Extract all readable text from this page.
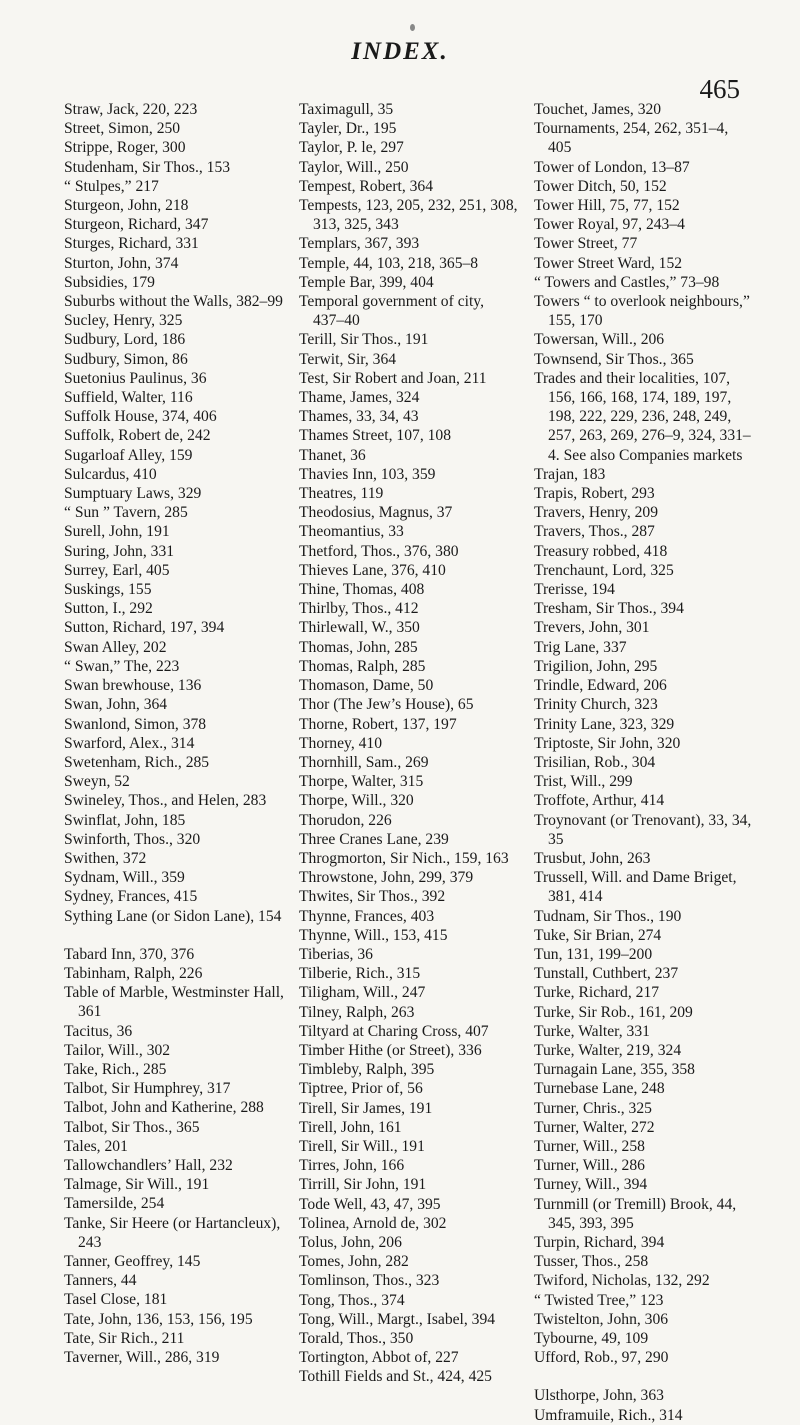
INDEX.
465
Straw, Jack, 220, 223
Street, Simon, 250
Strippe, Roger, 300
Studenham, Sir Thos., 153
“ Stulpes,” 217
Sturgeon, John, 218
Sturgeon, Richard, 347
Sturges, Richard, 331
Sturton, John, 374
Subsidies, 179
Suburbs without the Walls, 382–99
Sucley, Henry, 325
Sudbury, Lord, 186
Sudbury, Simon, 86
Suetonius Paulinus, 36
Suffield, Walter, 116
Suffolk House, 374, 406
Suffolk, Robert de, 242
Sugarloaf Alley, 159
Sulcardus, 410
Sumptuary Laws, 329
“ Sun ” Tavern, 285
Surell, John, 191
Suring, John, 331
Surrey, Earl, 405
Suskings, 155
Sutton, I., 292
Sutton, Richard, 197, 394
Swan Alley, 202
“ Swan,” The, 223
Swan brewhouse, 136
Swan, John, 364
Swanlond, Simon, 378
Swarford, Alex., 314
Swetenham, Rich., 285
Sweyn, 52
Swineley, Thos., and Helen, 283
Swinflat, John, 185
Swinforth, Thos., 320
Swithen, 372
Sydnam, Will., 359
Sydney, Frances, 415
Sything Lane (or Sidon Lane), 154
Tabard Inn, 370, 376
Tabinham, Ralph, 226
Table of Marble, Westminster Hall, 361
Tacitus, 36
Tailor, Will., 302
Take, Rich., 285
Talbot, Sir Humphrey, 317
Talbot, John and Katherine, 288
Talbot, Sir Thos., 365
Tales, 201
Tallowchandlers’ Hall, 232
Talmage, Sir Will., 191
Tamersilde, 254
Tanke, Sir Heere (or Hartancleux), 243
Tanner, Geoffrey, 145
Tanners, 44
Tasel Close, 181
Tate, John, 136, 153, 156, 195
Tate, Sir Rich., 211
Taverner, Will., 286, 319
Taximagull, 35
Tayler, Dr., 195
Taylor, P. le, 297
Taylor, Will., 250
Tempest, Robert, 364
Tempests, 123, 205, 232, 251, 308, 313, 325, 343
Templars, 367, 393
Temple, 44, 103, 218, 365–8
Temple Bar, 399, 404
Temporal government of city, 437–40
Terill, Sir Thos., 191
Terwit, Sir, 364
Test, Sir Robert and Joan, 211
Thame, James, 324
Thames, 33, 34, 43
Thames Street, 107, 108
Thanet, 36
Thavies Inn, 103, 359
Theatres, 119
Theodosius, Magnus, 37
Theomantius, 33
Thetford, Thos., 376, 380
Thieves Lane, 376, 410
Thine, Thomas, 408
Thirlby, Thos., 412
Thirlewall, W., 350
Thomas, John, 285
Thomas, Ralph, 285
Thomason, Dame, 50
Thor (The Jew’s House), 65
Thorne, Robert, 137, 197
Thorney, 410
Thornhill, Sam., 269
Thorpe, Walter, 315
Thorpe, Will., 320
Thorudon, 226
Three Cranes Lane, 239
Throgmorton, Sir Nich., 159, 163
Throwstone, John, 299, 379
Thwites, Sir Thos., 392
Thynne, Frances, 403
Thynne, Will., 153, 415
Tiberias, 36
Tilberie, Rich., 315
Tiligham, Will., 247
Tilney, Ralph, 263
Tiltyard at Charing Cross, 407
Timber Hithe (or Street), 336
Timbleby, Ralph, 395
Tiptree, Prior of, 56
Tirell, Sir James, 191
Tirell, John, 161
Tirell, Sir Will., 191
Tirres, John, 166
Tirrill, Sir John, 191
Tode Well, 43, 47, 395
Tolinea, Arnold de, 302
Tolus, John, 206
Tomes, John, 282
Tomlinson, Thos., 323
Tong, Thos., 374
Tong, Will., Margt., Isabel, 394
Torald, Thos., 350
Tortington, Abbot of, 227
Tothill Fields and St., 424, 425
Touchet, James, 320
Tournaments, 254, 262, 351–4, 405
Tower of London, 13–87
Tower Ditch, 50, 152
Tower Hill, 75, 77, 152
Tower Royal, 97, 243–4
Tower Street, 77
Tower Street Ward, 152
“ Towers and Castles,” 73–98
Towers “ to overlook neighbours,” 155, 170
Towersan, Will., 206
Townsend, Sir Thos., 365
Trades and their localities, 107, 156, 166, 168, 174, 189, 197, 198, 222, 229, 236, 248, 249, 257, 263, 269, 276–9, 324, 331–4. See also Companies markets
Trajan, 183
Trapis, Robert, 293
Travers, Henry, 209
Travers, Thos., 287
Treasury robbed, 418
Trenchaunt, Lord, 325
Trerisse, 194
Tresham, Sir Thos., 394
Trevers, John, 301
Trig Lane, 337
Trigilion, John, 295
Trindle, Edward, 206
Trinity Church, 323
Trinity Lane, 323, 329
Triptoste, Sir John, 320
Trisilian, Rob., 304
Trist, Will., 299
Troffote, Arthur, 414
Troynovant (or Trenovant), 33, 34, 35
Trusbut, John, 263
Trussell, Will. and Dame Briget, 381, 414
Tudnam, Sir Thos., 190
Tuke, Sir Brian, 274
Tun, 131, 199–200
Tunstall, Cuthbert, 237
Turke, Richard, 217
Turke, Sir Rob., 161, 209
Turke, Walter, 331
Turke, Walter, 219, 324
Turnagain Lane, 355, 358
Turnebase Lane, 248
Turner, Chris., 325
Turner, Walter, 272
Turner, Will., 258
Turner, Will., 286
Turney, Will., 394
Turnmill (or Tremill) Brook, 44, 345, 393, 395
Turpin, Richard, 394
Tusser, Thos., 258
Twiford, Nicholas, 132, 292
“ Twisted Tree,” 123
Twistelton, John, 306
Tybourne, 49, 109
Ufford, Rob., 97, 290
Ulsthorpe, John, 363
Umframuile, Rich., 314
